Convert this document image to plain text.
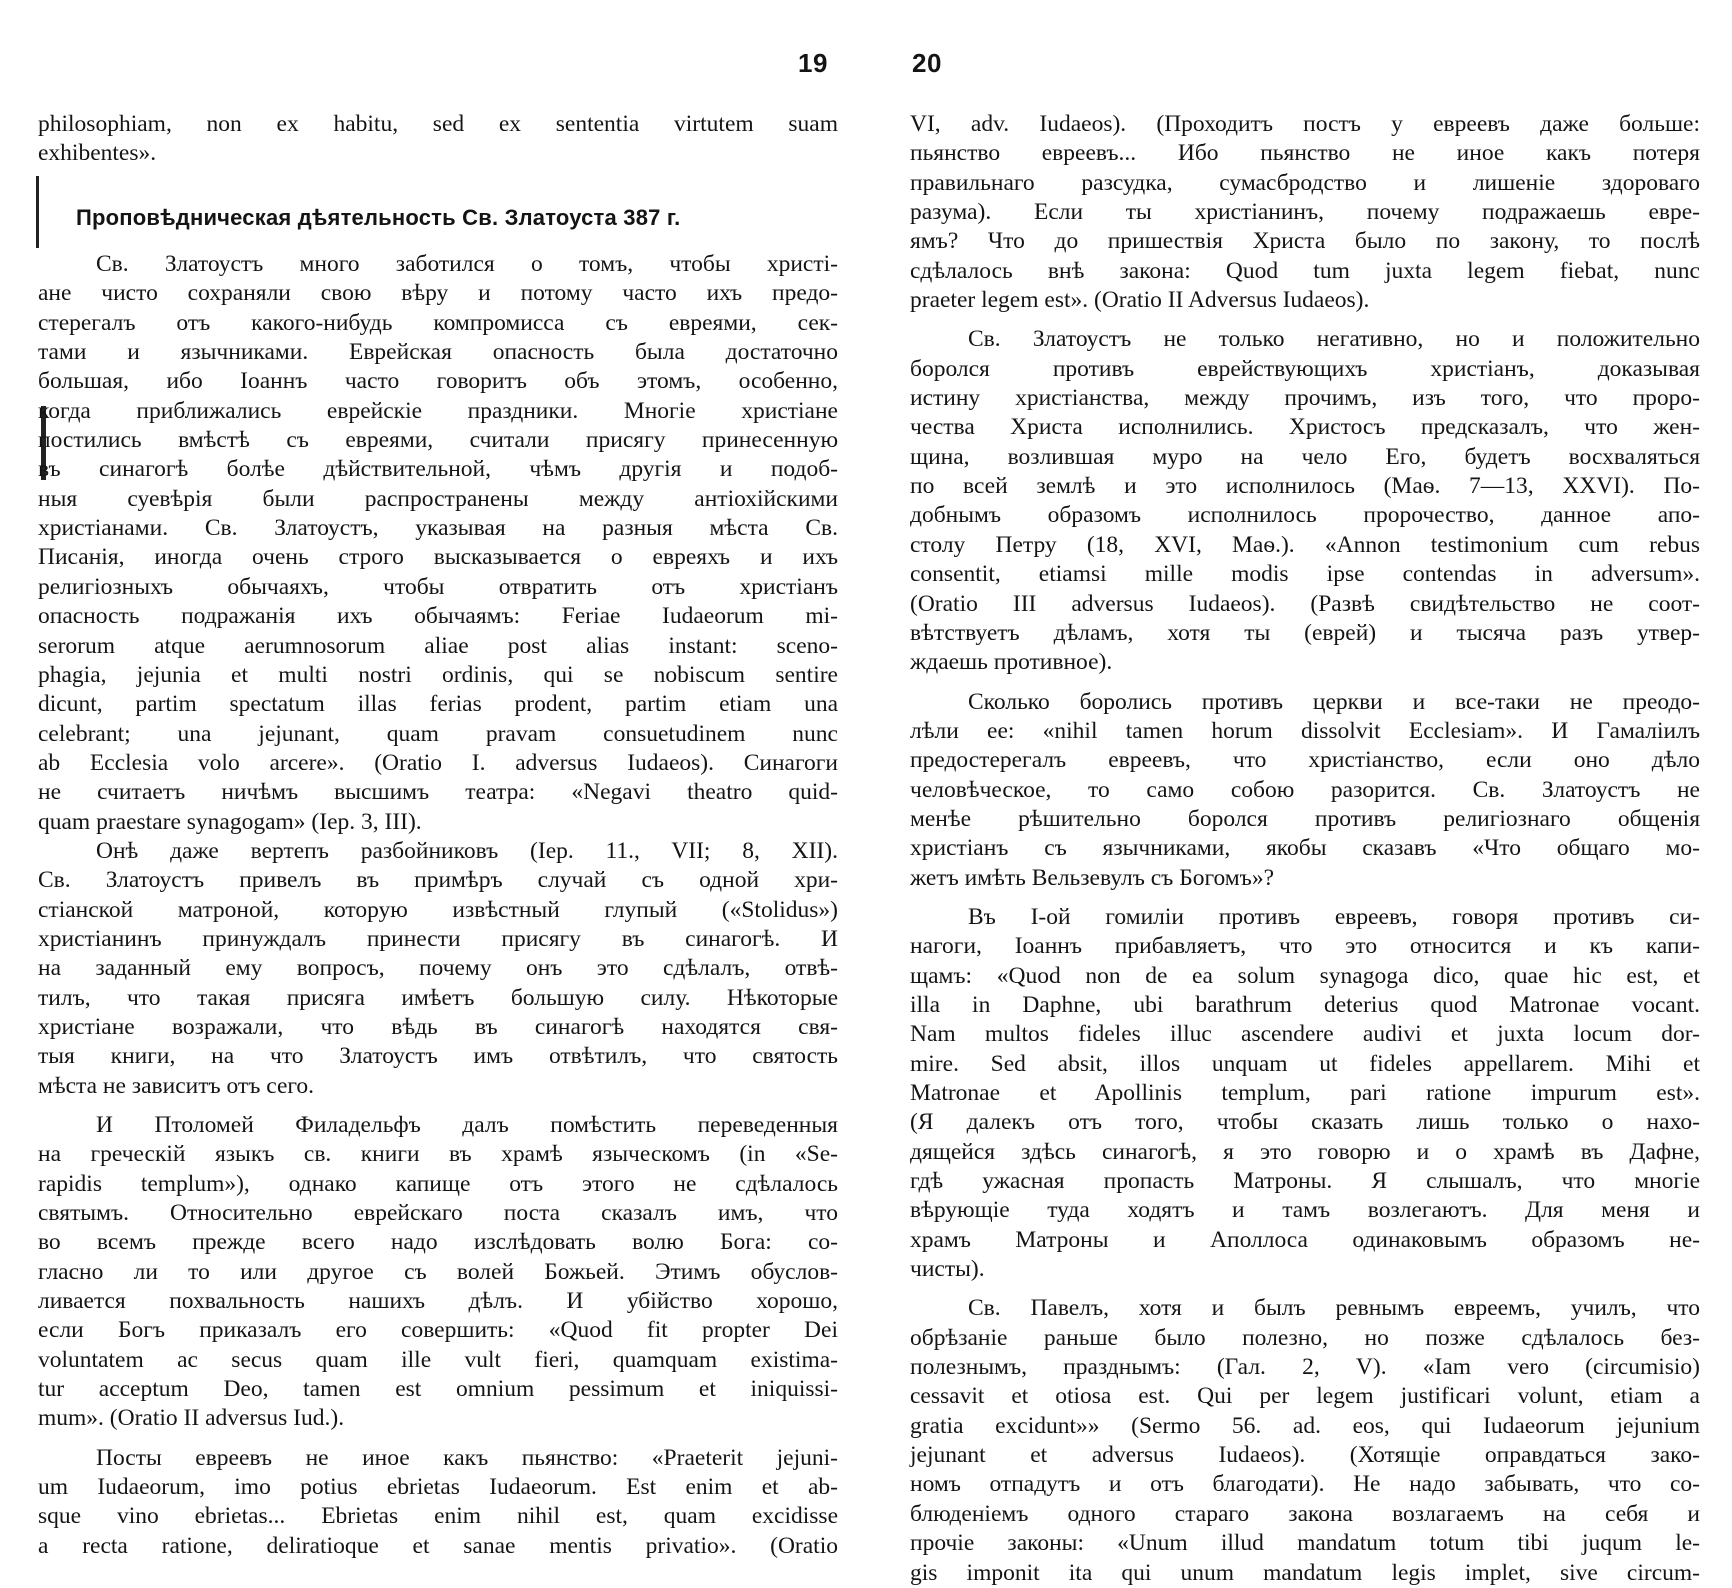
19	20
philosophiam, non ex habitu, sed ex sententia virtutem suam
exhibentes».
Проповѣдническая дѣятельность Св. Златоуста 387 г.
Св. Златоустъ много заботился о томъ, чтобы христi-
ане чисто сохраняли свою вѣру и потому часто ихъ предо-
стерегалъ отъ какого-нибудь компромисса съ евреями, сек-
тами и язычниками. Еврейская опасность была достаточно
большая, ибо Iоаннъ часто говоритъ объ этомъ, особенно,
когда приближались еврейскiе праздники. Многiе христiане
постились вмѣстѣ съ евреями, считали присягу принесенную
въ синагогѣ болѣе дѣйствительной, чѣмъ другiя и подоб-
ныя суевѣрiя были распространены между антiохiйскими
христiанами. Св. Златоустъ, указывая на разныя мѣста Св.
Писанiя, иногда очень строго высказывается о евреяхъ и ихъ
религiозныхъ обычаяхъ, чтобы отвратить отъ христiанъ
опасность подражанiя ихъ обычаямъ: Feriae Iudaeorum mi-
serorum atque aerumnosorum aliae post alias instant: sceno-
phagia, jejunia et multi nostri ordinis, qui se nobiscum sentire
dicunt, partim spectatum illas ferias prodent, partim etiam una
celebrant; una jejunant, quam pravam consuetudinem nunc
ab Ecclesia volo arcere». (Oratio I. adversus Iudaeos). Синагоги
не считаетъ ничѣмъ высшимъ театра: «Negavi theatro quid-
quam praestare synagogam» (Iep. 3, III).
Онѣ даже вертепъ разбойниковъ (Iep. 11., VII; 8, XII).
Св. Златоустъ привелъ въ примѣръ случай съ одной хри-
стiанской матроной, которую извѣстный глупый («Stolidus»)
христiанинъ принуждалъ принести присягу въ синагогѣ. И
на заданный ему вопросъ, почему онъ это сдѣлалъ, отвѣ-
тилъ, что такая присяга имѣетъ большую силу. Нѣкоторые
христiане возражали, что вѣдь въ синагогѣ находятся свя-
тыя книги, на что Златоустъ имъ отвѣтилъ, что святость
мѣста не зависитъ отъ сего.
И Птоломей Филадельфъ далъ помѣстить переведенныя
на греческiй языкъ св. книги въ храмѣ языческомъ (in «Se-
rapidis templum»), однако капище отъ этого не сдѣлалось
святымъ. Относительно еврейскаго поста сказалъ имъ, что
во всемъ прежде всего надо изслѣдовать волю Бога: со-
гласно ли то или другое съ волей Божьей. Этимъ обуслов-
ливается похвальность нашихъ дѣлъ. И убiйство хорошо,
если Богъ приказалъ его совершить: «Quod fit propter Dei
voluntatem ac secus quam ille vult fieri, quamquam existima-
tur acceptum Deo, tamen est omnium pessimum et iniquissi-
mum». (Oratio II adversus Iud.).
Посты евреевъ не иное какъ пьянство: «Praeterit jejuni-
um Iudaeorum, imo potius ebrietas Iudaeorum. Est enim et ab-
sque vino ebrietas... Ebrietas enim nihil est, quam excidisse
a recta ratione, deliratioque et sanae mentis privatio». (Oratio
VI, adv. Iudaeos). (Проходитъ постъ у евреевъ даже больше:
пьянство евреевъ... Ибо пьянство не иное какъ потеря
правильнаго разсудка, сумасбродство и лишенiе здороваго
разума). Если ты христiанинъ, почему подражаешь евре-
ямъ? Что до пришествiя Христа было по закону, то послѣ
сдѣлалось внѣ закона: Quod tum juxta legem fiebat, nunc
praeter legem est». (Oratio II Adversus Iudaeos).
Св. Златоустъ не только негативно, но и положительно
боролся противъ еврействующихъ христiанъ, доказывая
истину христiанства, между прочимъ, изъ того, что проро-
чества Христа исполнились. Христосъ предсказалъ, что жен-
щина, возлившая муро на чело Его, будетъ восхваляться
по всей землѣ и это исполнилось (Маѳ. 7—13, XXVI). По-
добнымъ образомъ исполнилось пророчество, данное апо-
столу Петру (18, XVI, Маѳ.). «Annon testimonium cum rebus
consentit, etiamsi mille modis ipse contendas in adversum».
(Oratio III adversus Iudaeos). (Развѣ свидѣтельство не соот-
вѣтствуетъ дѣламъ, хотя ты (еврей) и тысяча разъ утвер-
ждаешь противное).
Сколько боролись противъ церкви и все-таки не преодо-
лѣли ее: «nihil tamen horum dissolvit Ecclesiam». И Гамалiилъ
предостерегалъ евреевъ, что христiанство, если оно дѣло
человѣческое, то само собою разорится. Св. Златоустъ не
менѣе рѣшительно боролся противъ религiознаго общенiя
христiанъ съ язычниками, якобы сказавъ «Что общаго мо-
жетъ имѣть Вельзевулъ съ Богомъ»?
Въ I-ой гомилiи противъ евреевъ, говоря противъ си-
нагоги, Iоаннъ прибавляетъ, что это относится и къ капи-
щамъ: «Quod non de ea solum synagoga dico, quae hic est, et
illa in Daphne, ubi barathrum deterius quod Matronae vocant.
Nam multos fideles illuc ascendere audivi et juxta locum dor-
mire. Sed absit, illos unquam ut fideles appellarem. Mihi et
Matronae et Apollinis templum, pari ratione impurum est».
(Я далекъ отъ того, чтобы сказать лишь только о нахо-
дящейся здѣсь синагогѣ, я это говорю и о храмѣ въ Дафне,
гдѣ ужасная пропасть Матроны. Я слышалъ, что многiе
вѣрующiе туда ходятъ и тамъ возлегаютъ. Для меня и
храмъ Матроны и Аполлоса одинаковымъ образомъ не-
чисты).
Св. Павелъ, хотя и былъ ревнымъ евреемъ, училъ, что
обрѣзанiе раньше было полезно, но позже сдѣлалось без-
полезнымъ, празднымъ: (Гал. 2, V). «Iam vero (circumisio)
cessavit et otiosa est. Qui per legem justificari volunt, etiam a
gratia excidunt»» (Sermo 56. ad. eos, qui Iudaeorum jejunium
jejunant et adversus Iudaeos). (Хотящiе оправдаться зако-
номъ отпадутъ и отъ благодати). Не надо забывать, что со-
блюденiемъ одного стараго закона возлагаемъ на себя и
прочiе законы: «Unum illud mandatum totum tibi juqum le-
gis imponit ita qui unum mandatum legis implet, sive circum-
